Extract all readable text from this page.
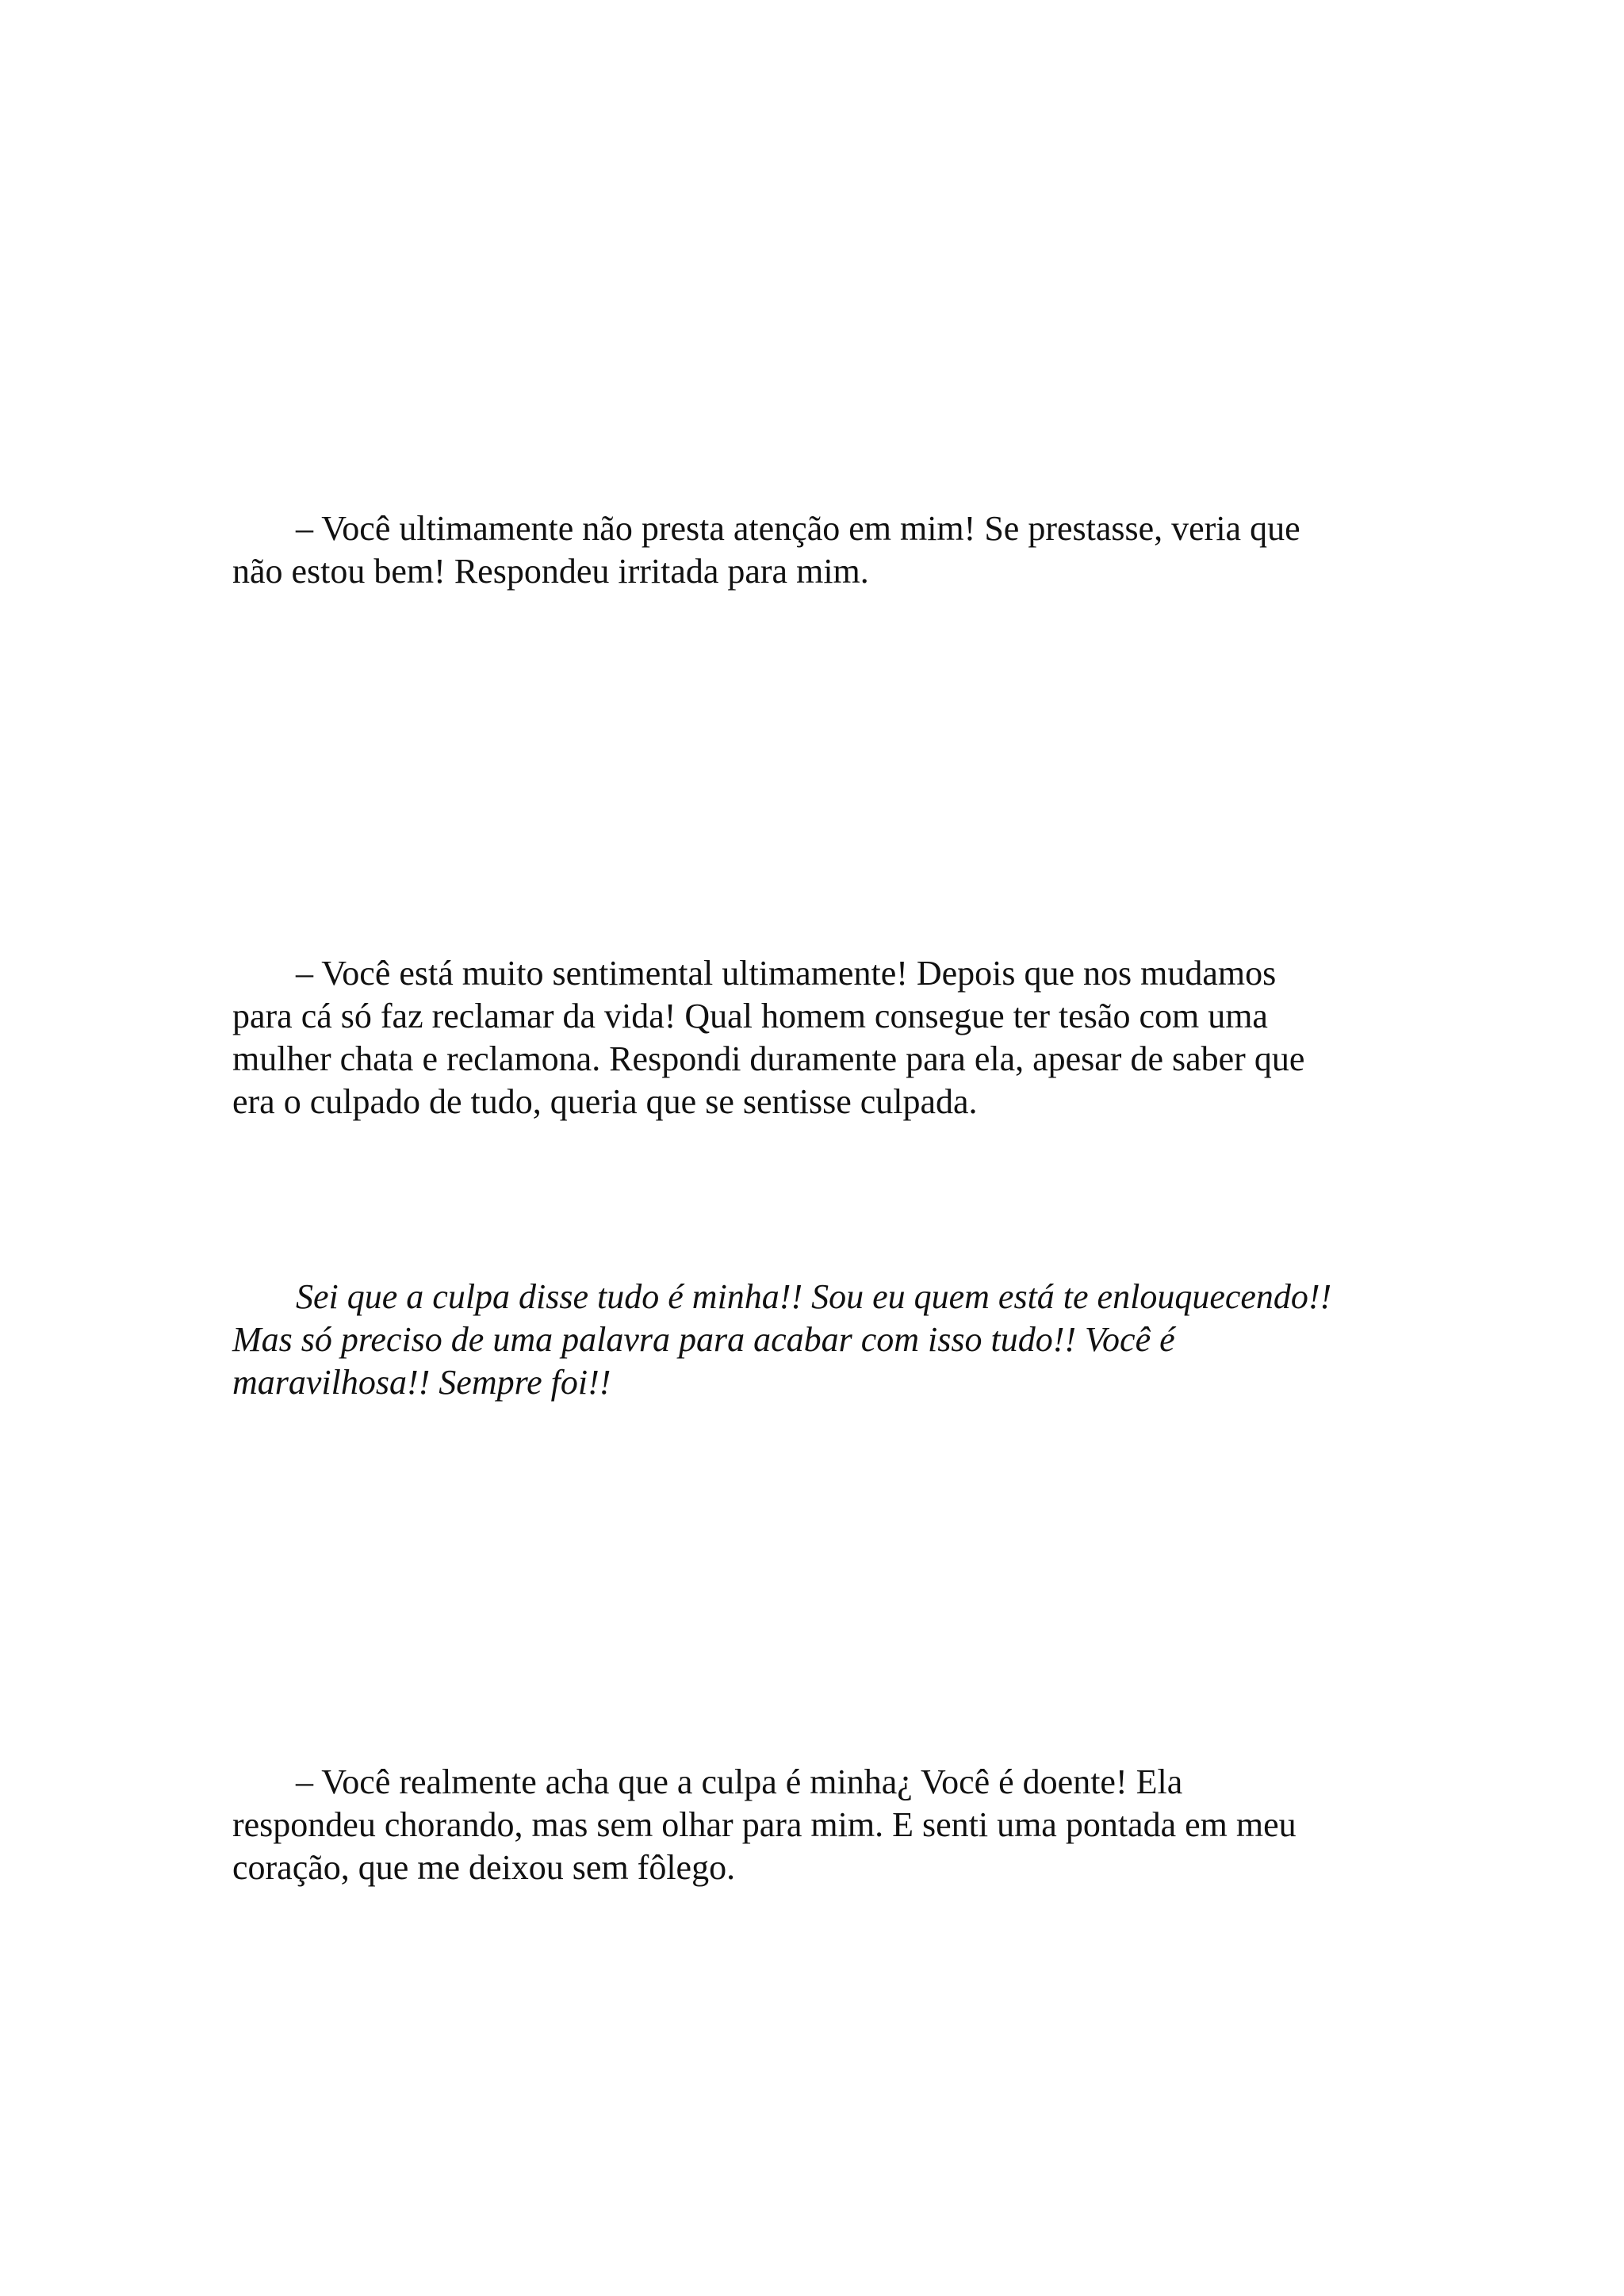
– Você ultimamente não presta atenção em mim! Se prestasse, veria que
não estou bem! Respondeu irritada para mim.

– Você está muito sentimental ultimamente! Depois que nos mudamos
para cá só faz reclamar da vida! Qual homem consegue ter tesão com uma
mulher chata e reclamona. Respondi duramente para ela, apesar de saber que
era o culpado de tudo, queria que se sentisse culpada.

Sei que a culpa disse tudo é minha!! Sou eu quem está te enlouquecendo!!
Mas só preciso de uma palavra para acabar com isso tudo!! Você é
maravilhosa!! Sempre foi!!

– Você realmente acha que a culpa é minha¿ Você é doente! Ela
respondeu chorando, mas sem olhar para mim. E senti uma pontada em meu
coração, que me deixou sem fôlego.
